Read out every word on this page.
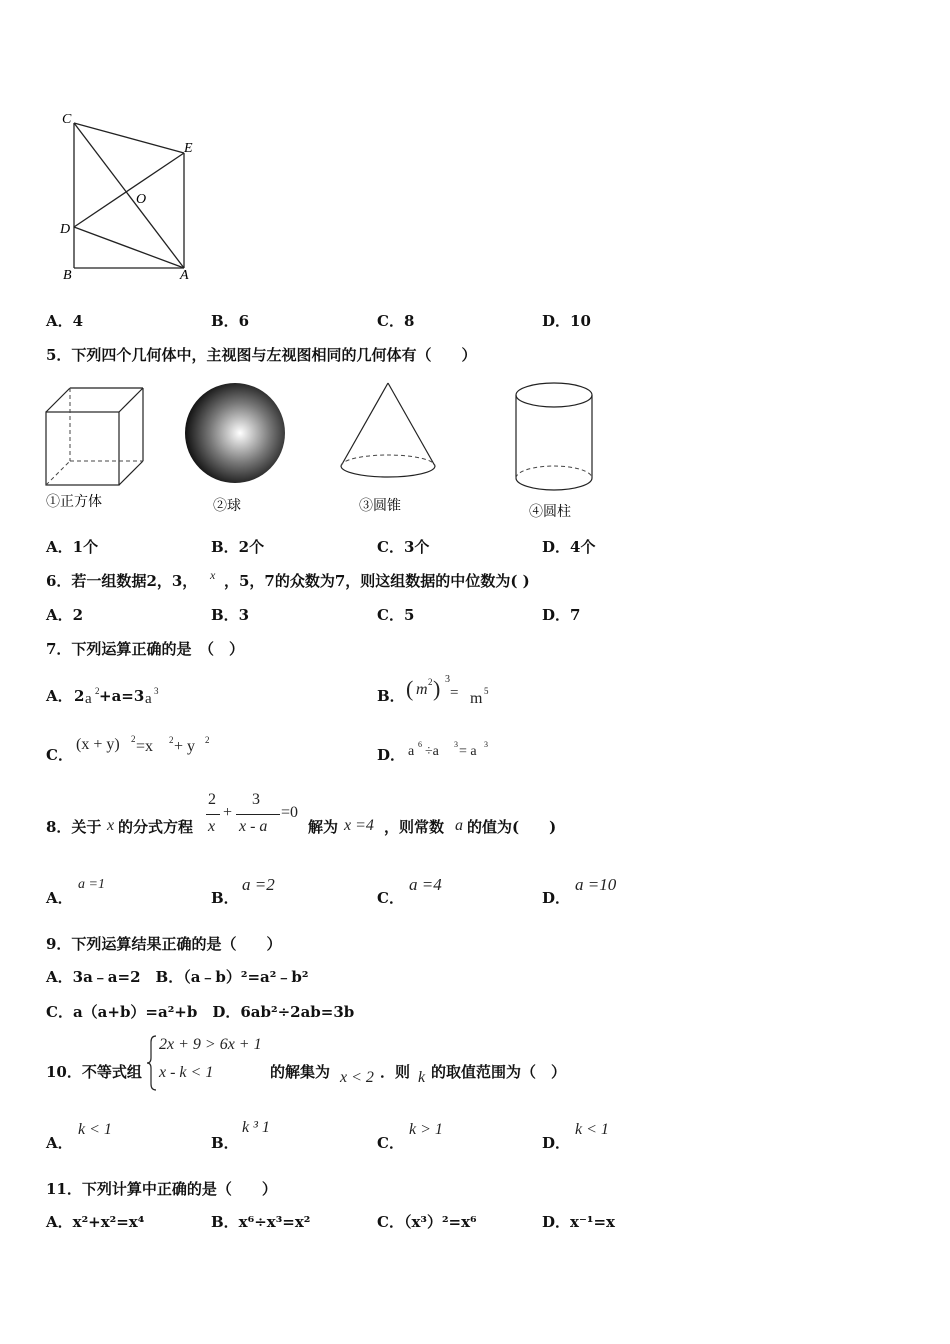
C
E
O
D
B	A
A．4	B．6	C．8	D．10
5．下列四个几何体中，主视图与左视图相同的几何体有（　　）
①正方体	②球	③圆锥	④圆柱
A．1个	B．2个	C．3个	D．4个
6．若一组数据2，3， x ，5，7的众数为7，则这组数据的中位数为( )
A．2	B．3	C．5	D．7
7．下列运算正确的是　（　）
A． 2 a 2 +a=3 a 3	B． ( m 2 ) 3
= m 5
C．
(x + y) 2 =x 2 + y 2
D． a 6 ÷a 3 = a 3
8．关于 x 的分式方程
2
x
+
3
x - a
=0
解为 x =4 ，则常数 a 的值为(　　)
A．
a =1
B．
a =2
C．
a =4
D．
a =10
9．下列运算结果正确的是（　　）
A．3a﹣a=2　B．（a﹣b）²=a²﹣b²
C．a（a+b）=a²+b　D．6ab²÷2ab=3b
10．不等式组
2x + 9 > 6x + 1
x - k < 1	的解集为 x < 2 ．则 k 的取值范围为（　）
A．
k < 1
B．
k ³ 1
C．
k > 1
D．
k < 1
11．下列计算中正确的是（　　）
A．x²+x²=x⁴	B．x⁶÷x³=x²	C．（x³）²=x⁶	D．x⁻¹=x
